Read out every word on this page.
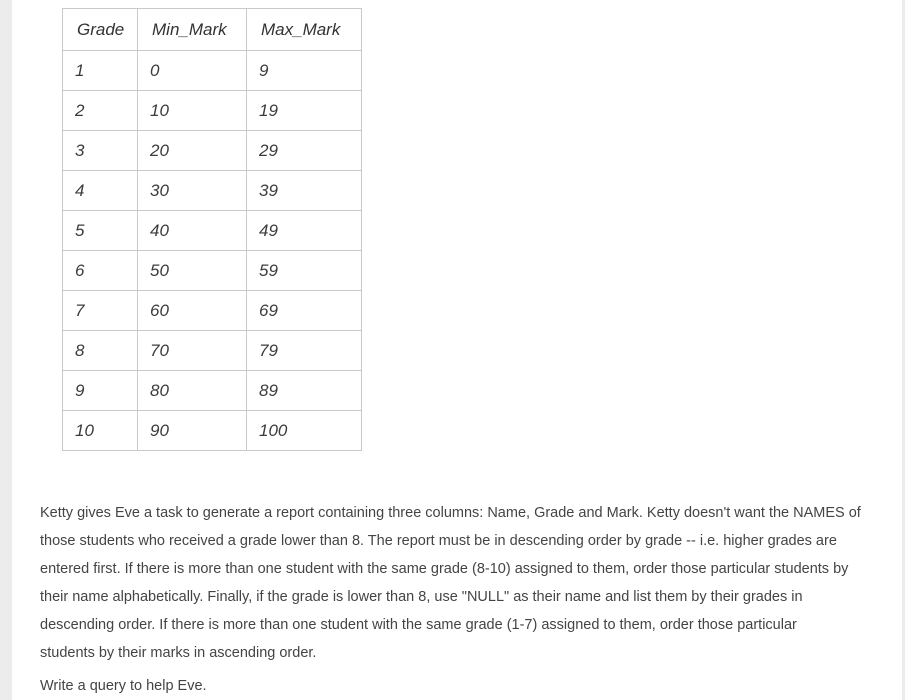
Grade	Min_Mark	Max_Mark
1	0	9
2	10	19
3	20	29
4	30	39
5	40	49
6	50	59
7	60	69
8	70	79
9	80	89
10	90	100

Ketty gives Eve a task to generate a report containing three columns: Name, Grade and Mark. Ketty doesn't want the NAMES of
those students who received a grade lower than 8. The report must be in descending order by grade -- i.e. higher grades are
entered first. If there is more than one student with the same grade (8-10) assigned to them, order those particular students by
their name alphabetically. Finally, if the grade is lower than 8, use "NULL" as their name and list them by their grades in
descending order. If there is more than one student with the same grade (1-7) assigned to them, order those particular
students by their marks in ascending order.

Write a query to help Eve.
